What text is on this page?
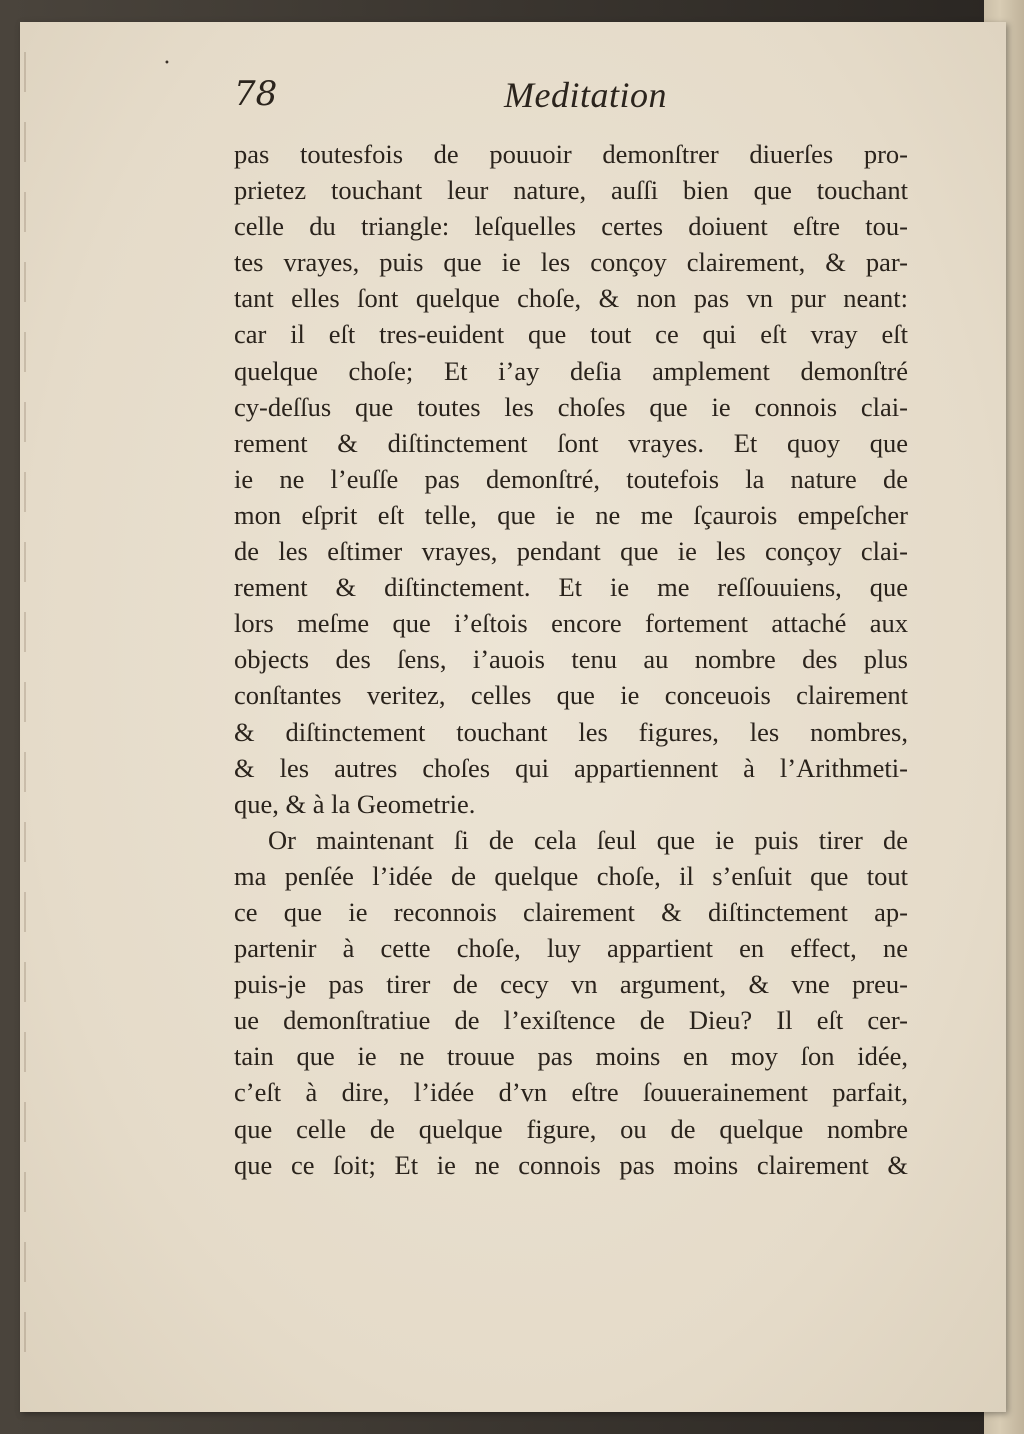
•
78	Meditation
pas toutesfois de pouuoir demonſtrer diuerſes pro-
prietez touchant leur nature, auſſi bien que touchant
celle du triangle: leſquelles certes doiuent eſtre tou-
tes vrayes, puis que ie les conçoy clairement, & par-
tant elles ſont quelque choſe, & non pas vn pur neant:
car il eſt tres-euident que tout ce qui eſt vray eſt
quelque choſe; Et i’ay deſia amplement demonſtré
cy-deſſus que toutes les choſes que ie connois clai-
rement & diſtinctement ſont vrayes. Et quoy que
ie ne l’euſſe pas demonſtré, toutefois la nature de
mon eſprit eſt telle, que ie ne me ſçaurois empeſcher
de les eſtimer vrayes, pendant que ie les conçoy clai-
rement & diſtinctement. Et ie me reſſouuiens, que
lors meſme que i’eſtois encore fortement attaché aux
objects des ſens, i’auois tenu au nombre des plus
conſtantes veritez, celles que ie conceuois clairement
& diſtinctement touchant les figures, les nombres,
& les autres choſes qui appartiennent à l’Arithmeti-
que, & à la Geometrie.
Or maintenant ſi de cela ſeul que ie puis tirer de
ma penſée l’idée de quelque choſe, il s’enſuit que tout
ce que ie reconnois clairement & diſtinctement ap-
partenir à cette choſe, luy appartient en effect, ne
puis-je pas tirer de cecy vn argument, & vne preu-
ue demonſtratiue de l’exiſtence de Dieu? Il eſt cer-
tain que ie ne trouue pas moins en moy ſon idée,
c’eſt à dire, l’idée d’vn eſtre ſouuerainement parfait,
que celle de quelque figure, ou de quelque nombre
que ce ſoit; Et ie ne connois pas moins clairement &
